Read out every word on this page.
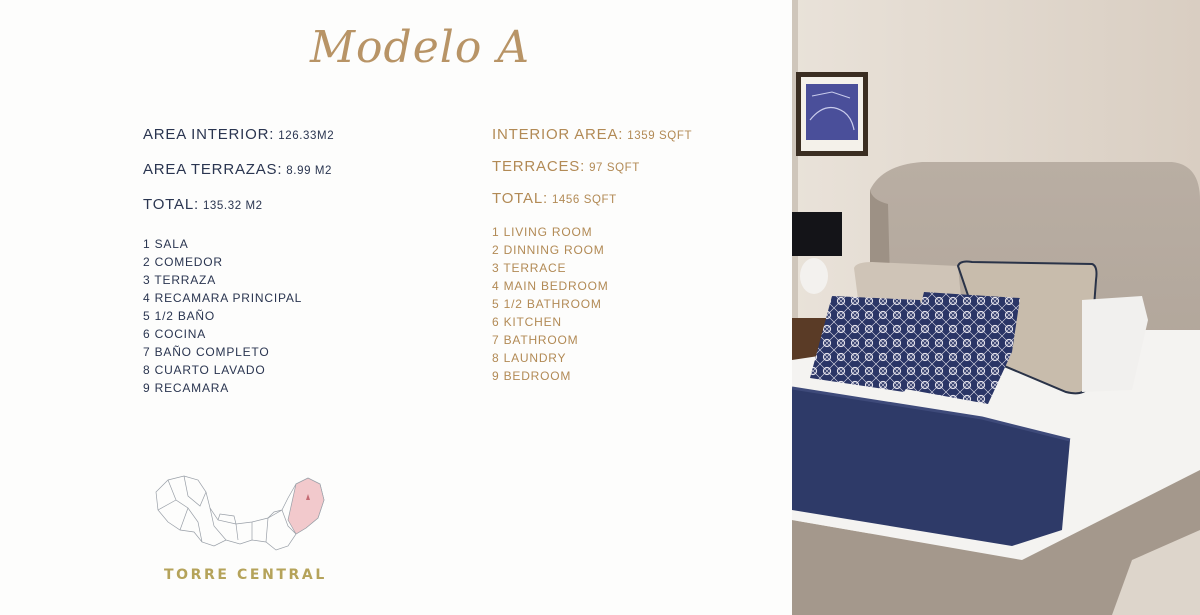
Modelo A
AREA INTERIOR: 126.33M2
AREA TERRAZAS: 8.99 M2
TOTAL: 135.32 M2
1 SALA
2 COMEDOR
3 TERRAZA
4 RECAMARA PRINCIPAL
5 1/2 BAÑO
6 COCINA
7 BAÑO COMPLETO
8 CUARTO LAVADO
9 RECAMARA
INTERIOR AREA: 1359 SQFT
TERRACES: 97 SQFT
TOTAL: 1456 SQFT
1 LIVING ROOM
2 DINNING ROOM
3 TERRACE
4 MAIN BEDROOM
5 1/2 BATHROOM
6 KITCHEN
7 BATHROOM
8 LAUNDRY
9 BEDROOM
TORRE CENTRAL
